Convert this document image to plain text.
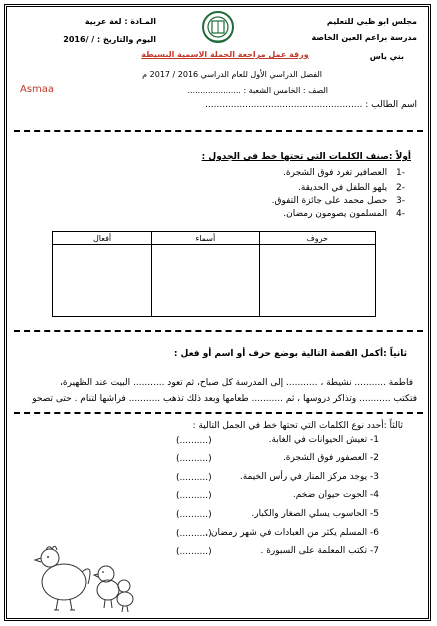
مجلس ابو ظبي للتعليم
مدرسة براعم العين الخاصة
بني ياس
المـادة : لغة عربية
اليوم والتاريخ : / /2016
ورقة عمل مراجعة الجملة الاسمية البسيطة
الفصل الدراسي الأول للعام الدراسي 2016 / 2017 م
الصف : الخامس الشعبة : .....................
Asmaa
اسم الطالب : .......................................................
أولاً :صنف الكلمات التي تحتها خط في الجدول :
-1 العصافير تغرد فوق الشجرة.
-2 يلهو الطفل في الحديقة.
-3 حصل محمد على جائزة التفوق.
-4 المسلمون يصومون رمضان.
حروف	أسماء	أفعال

ثانياً :أكمل القصة التالية بوضع حرف أو اسم أو فعل :
فاطمة ........... نشيطة ، ........... إلى المدرسة كل صباح، ثم تعود ........... البيت عند الظهيرة،
فتكتب ........... وتذاكر دروسها ، ثم ........... طعامها وبعد ذلك تذهب ........... فراشها لتنام . حتى تصحو
ثالثاً :أحدد نوع الكلمات التي تحتها خط في الجمل التالية :
1- تعيش الحيوانات في الغابة.
(..........)
2- العصفور فوق الشجرة.
(..........)
3- يوجد مركز المنار في رأس الخيمة.
(..........)
4- الحوت حيوان ضخم.
(..........)
5- الحاسوب يسلي الصغار والكبار.
(..........)
6- المسلم يكثر من العبادات في شهر رمضان .
(..........)
7- تكتب المعلمة على السبورة .
(..........)
